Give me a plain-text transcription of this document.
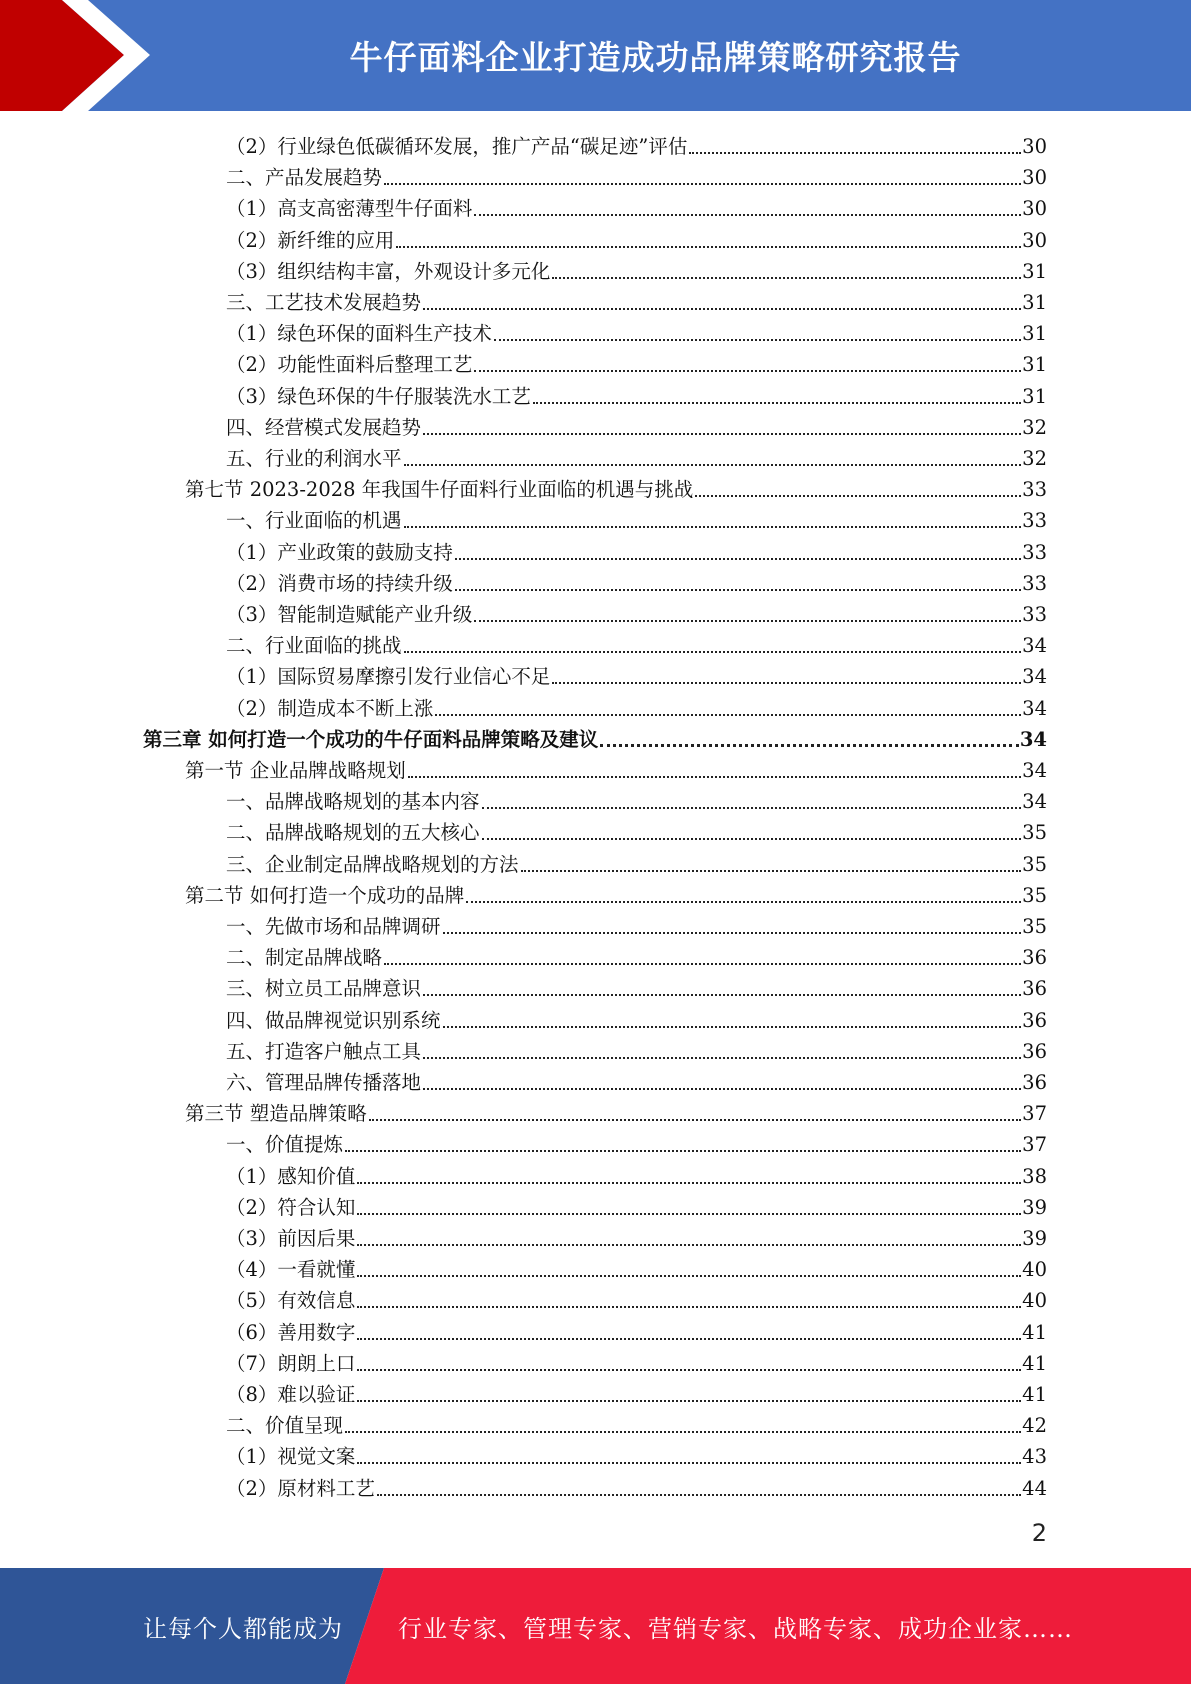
牛仔面料企业打造成功品牌策略研究报告
（2）行业绿色低碳循环发展，推广产品“碳足迹”评估	30
二、产品发展趋势	30
（1）高支高密薄型牛仔面料	30
（2）新纤维的应用	30
（3）组织结构丰富，外观设计多元化	31
三、工艺技术发展趋势	31
（1）绿色环保的面料生产技术	31
（2）功能性面料后整理工艺	31
（3）绿色环保的牛仔服装洗水工艺	31
四、经营模式发展趋势	32
五、行业的利润水平	32
第七节 2023-2028 年我国牛仔面料行业面临的机遇与挑战	33
一、行业面临的机遇	33
（1）产业政策的鼓励支持	33
（2）消费市场的持续升级	33
（3）智能制造赋能产业升级	33
二、行业面临的挑战	34
（1）国际贸易摩擦引发行业信心不足	34
（2）制造成本不断上涨	34
第三章 如何打造一个成功的牛仔面料品牌策略及建议	34
第一节 企业品牌战略规划	34
一、品牌战略规划的基本内容	34
二、品牌战略规划的五大核心	35
三、企业制定品牌战略规划的方法	35
第二节 如何打造一个成功的品牌	35
一、先做市场和品牌调研	35
二、制定品牌战略	36
三、树立员工品牌意识	36
四、做品牌视觉识别系统	36
五、打造客户触点工具	36
六、管理品牌传播落地	36
第三节 塑造品牌策略	37
一、价值提炼	37
（1）感知价值	38
（2）符合认知	39
（3）前因后果	39
（4）一看就懂	40
（5）有效信息	40
（6）善用数字	41
（7）朗朗上口	41
（8）难以验证	41
二、价值呈现	42
（1）视觉文案	43
（2）原材料工艺	44
2
让每个人都能成为 行业专家、管理专家、营销专家、战略专家、成功企业家……
